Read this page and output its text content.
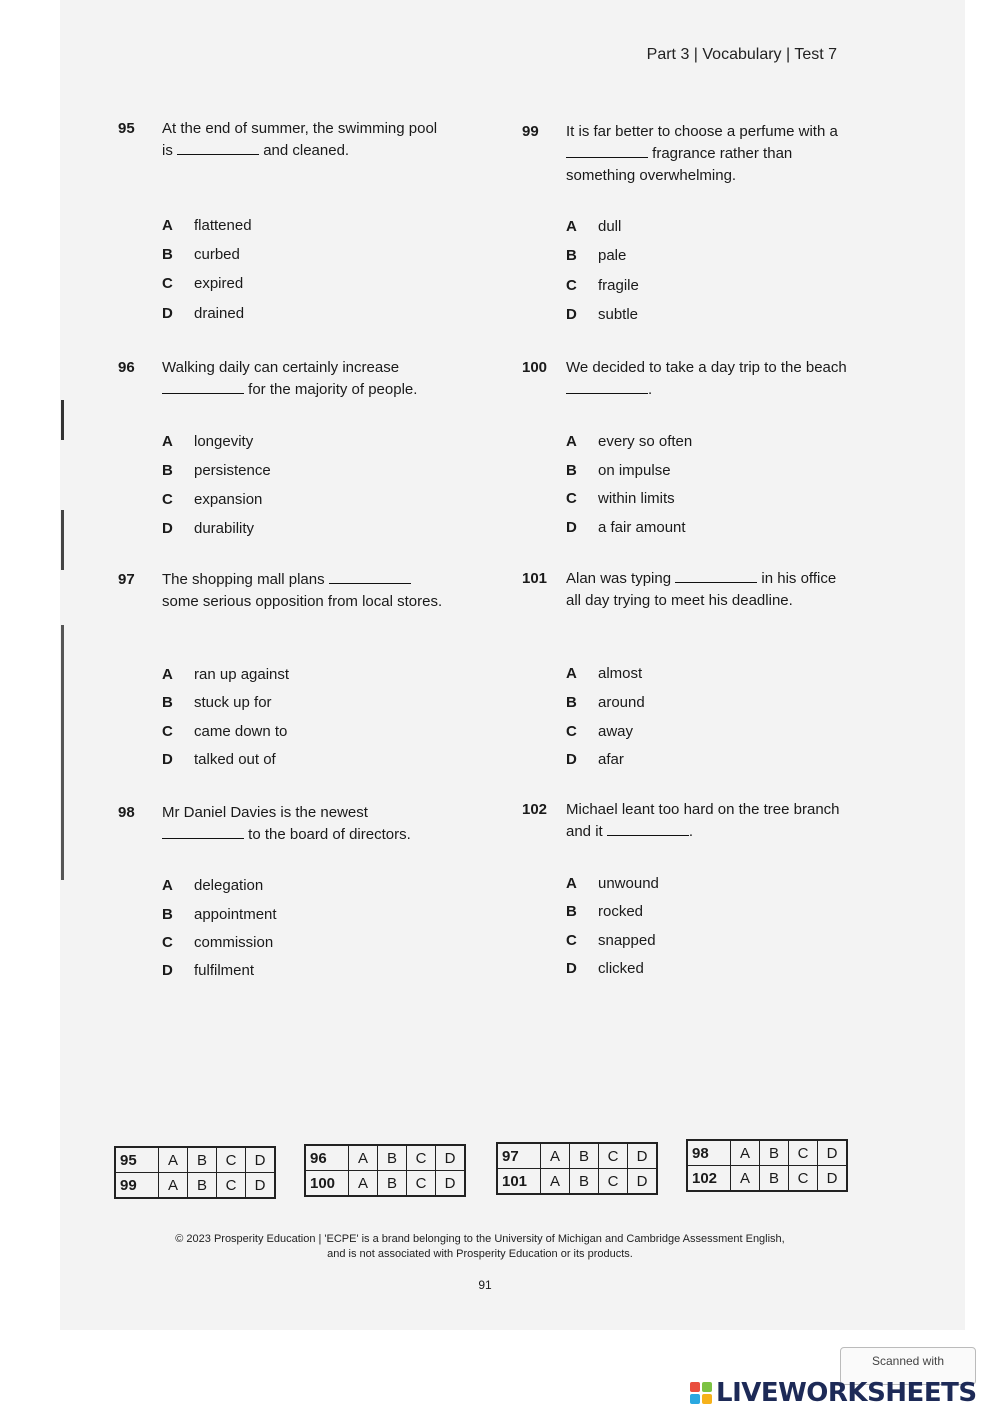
Part 3 | Vocabulary | Test 7
95	At the end of summer, the swimming pool is	and cleaned.
A flattened
B curbed
C expired
D drained
96	Walking daily can certainly increase  for the majority of people.
A longevity
B persistence
C expansion
D durability
97	The shopping mall plans  some serious opposition from local stores.
A ran up against
B stuck up for
C came down to
D talked out of
98	Mr Daniel Davies is the newest  to the board of directors.
A delegation
B appointment
C commission
D fulfilment
99	It is far better to choose a perfume with a  fragrance rather than something overwhelming.
A dull
B pale
C fragile
D subtle
100	We decided to take a day trip to the beach .
A every so often
B on impulse
C within limits
D a fair amount
101	Alan was typing	in his office all day trying to meet his deadline.
A almost
B around
C away
D afar
102	Michael leant too hard on the tree branch and it	.
A unwound
B rocked
C snapped
D clicked
95	A	B	C	D
99	A	B	C	D
96	A	B	C	D
100	A	B	C	D
97	A	B	C	D
101	A	B	C	D
98	A	B	C	D
102	A	B	C	D
© 2023 Prosperity Education | 'ECPE' is a brand belonging to the University of Michigan and Cambridge Assessment English,
and is not associated with Prosperity Education or its products.
91
Scanned with
LIVEWORKSHEETS
